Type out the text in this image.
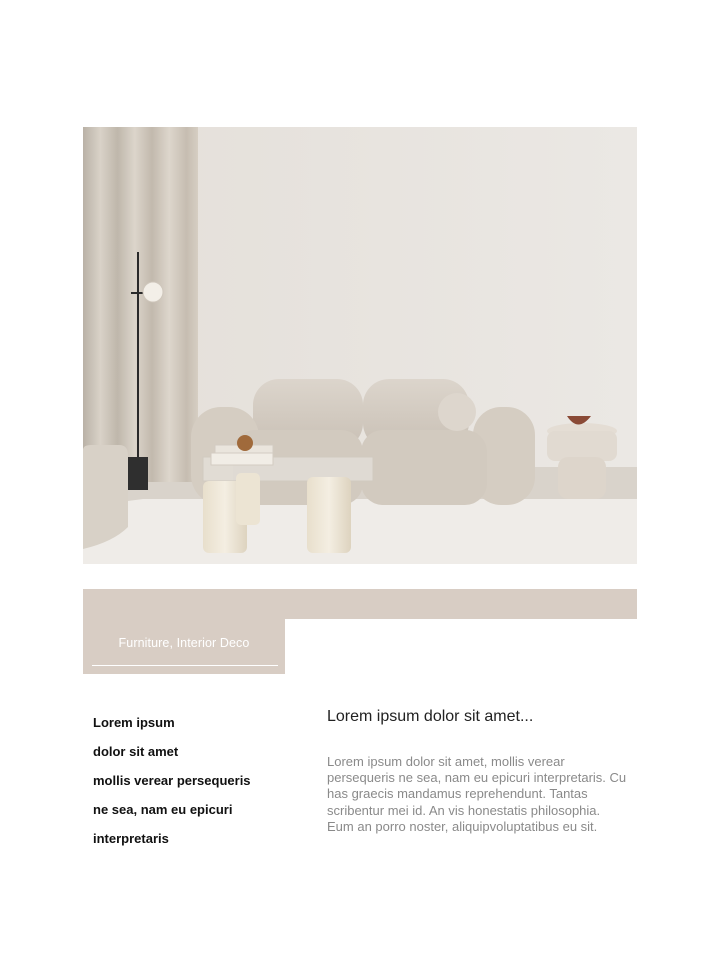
Furniture, Interior Deco
Lorem ipsum
dolor sit amet
mollis verear persequeris
ne sea, nam eu epicuri
interpretaris
Lorem ipsum dolor sit amet...

Lorem ipsum dolor sit amet, mollis verear persequeris ne sea, nam eu epicuri interpretaris. Cu has graecis mandamus reprehendunt. Tantas scribentur mei id. An vis honestatis philosophia. Eum an porro noster, aliquipvoluptatibus eu sit.
